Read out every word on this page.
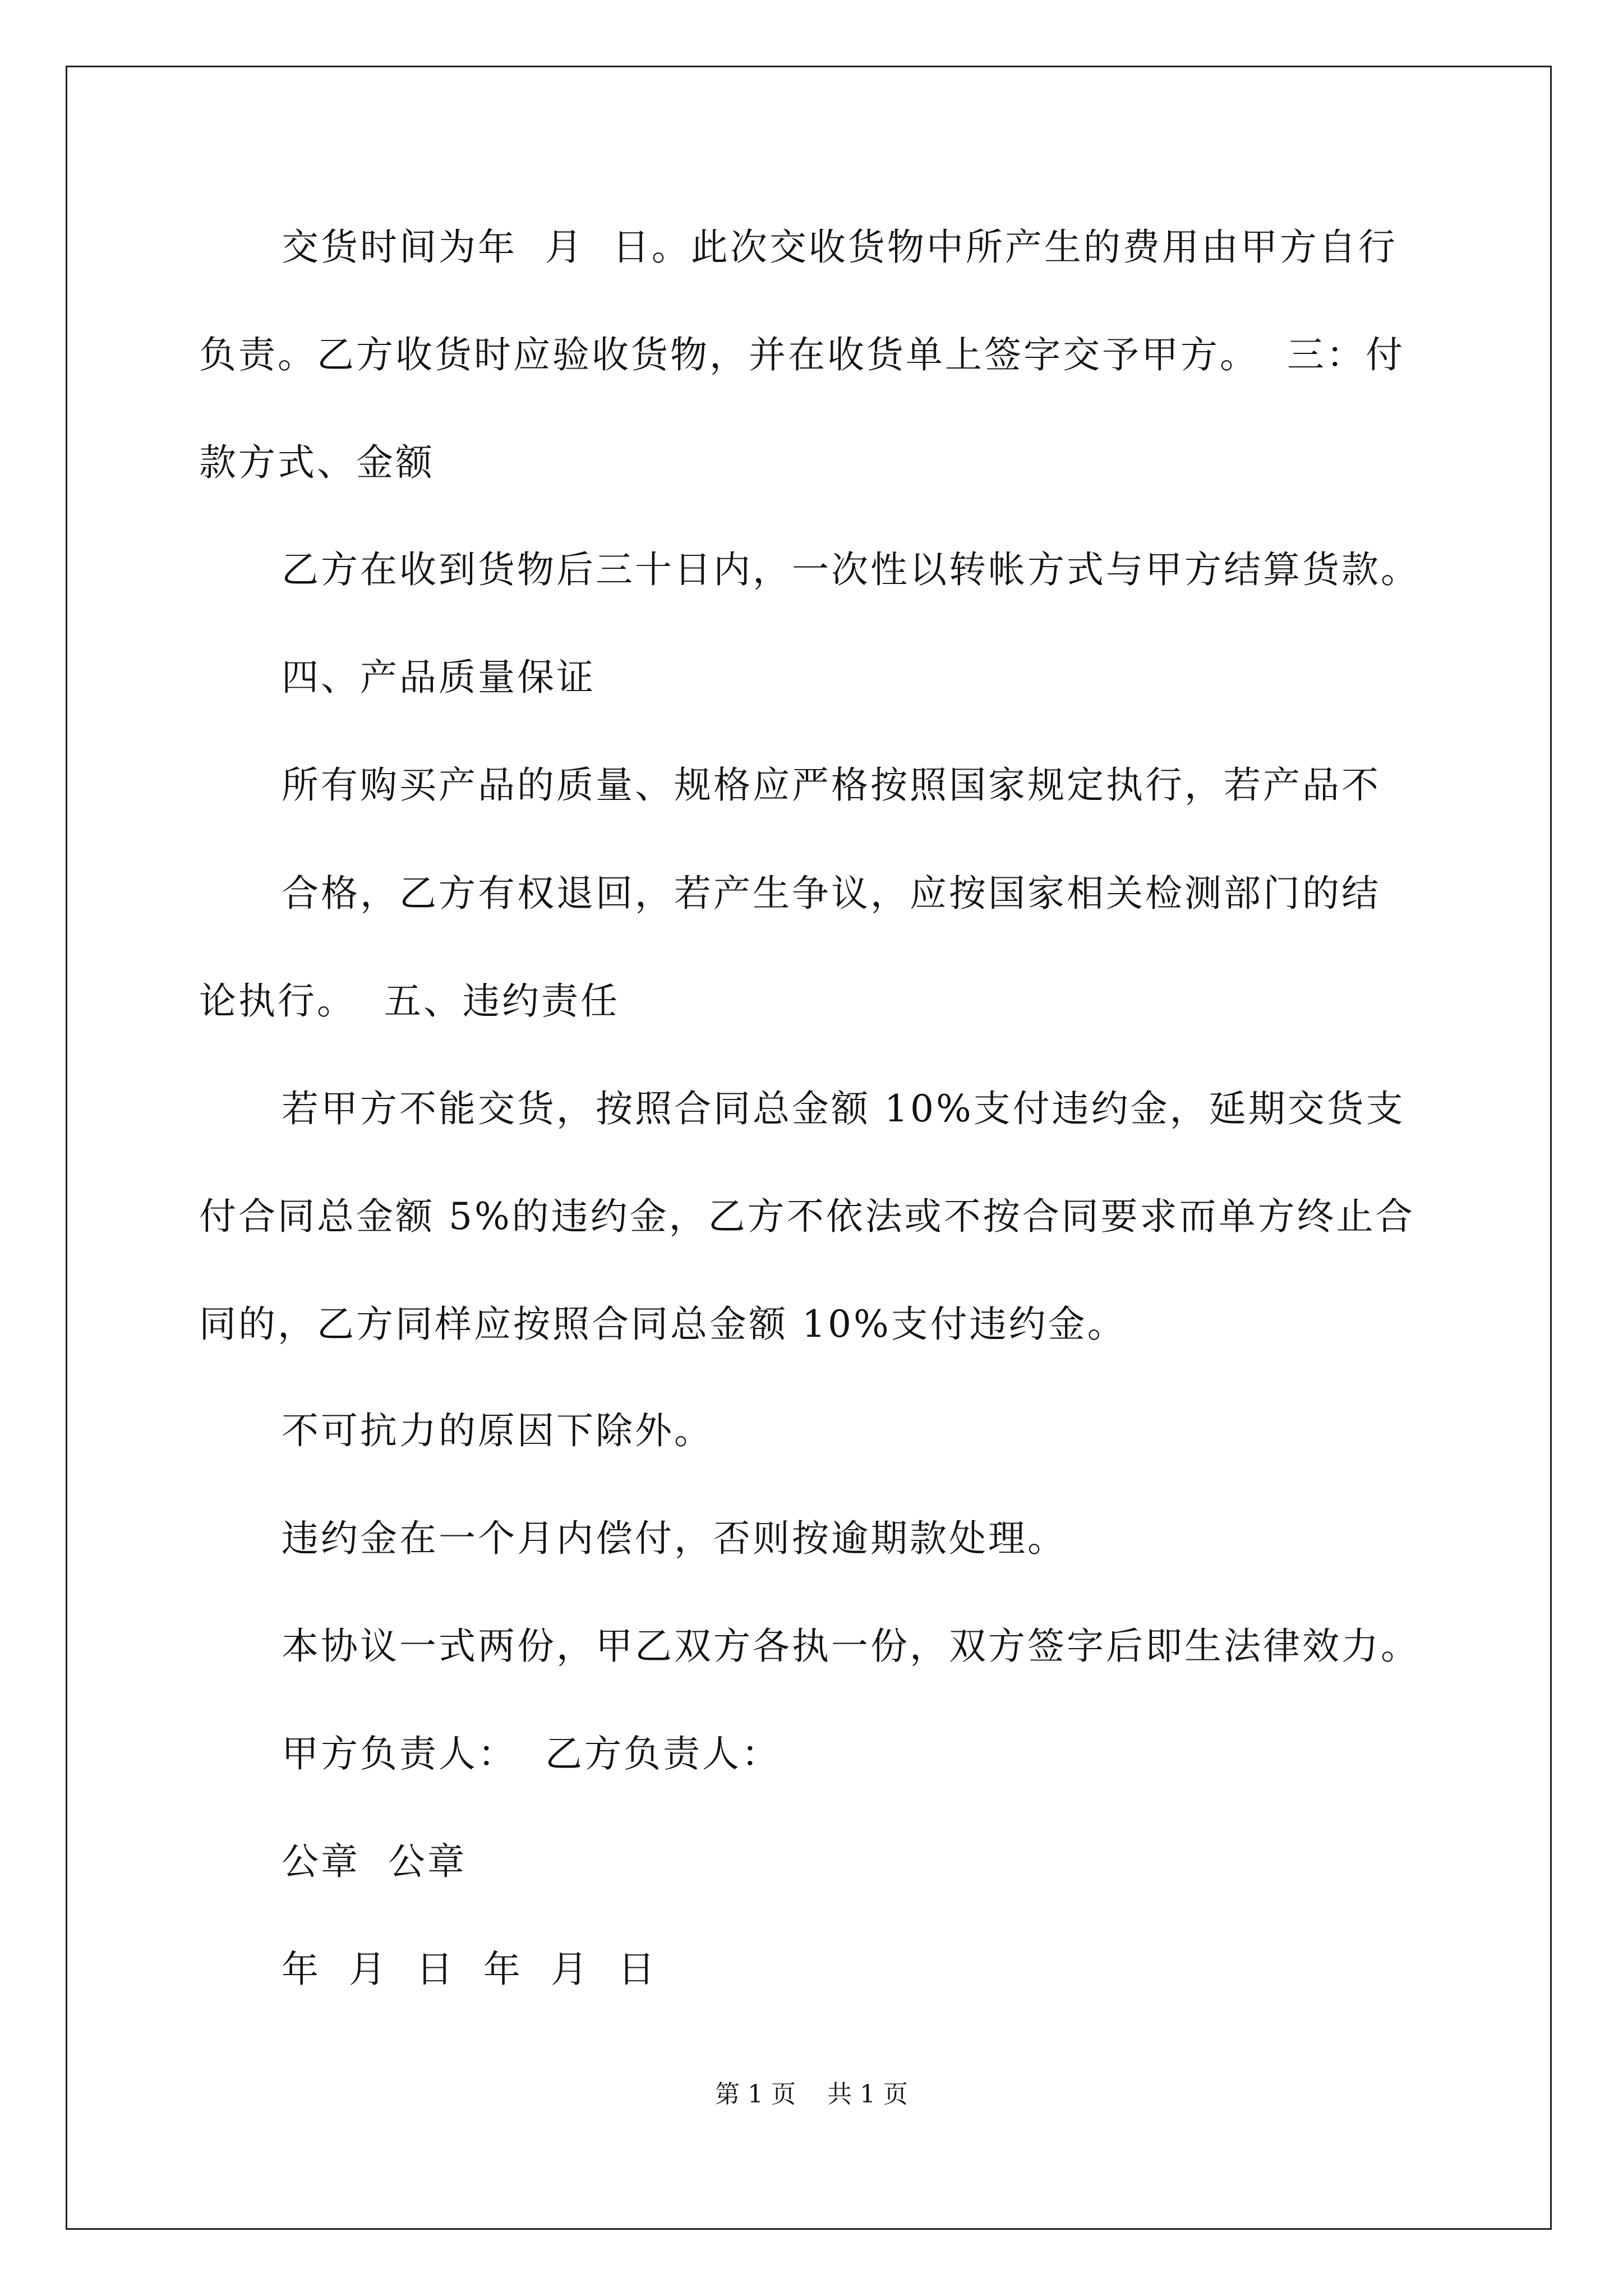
交货时间为年  月  日。此次交收货物中所产生的费用由甲方自行
负责。乙方收货时应验收货物，并在收货单上签字交予甲方。  三：付
款方式、金额
乙方在收到货物后三十日内，一次性以转帐方式与甲方结算货款。
四、产品质量保证
所有购买产品的质量、规格应严格按照国家规定执行，若产品不
合格，乙方有权退回，若产生争议，应按国家相关检测部门的结
论执行。  五、违约责任
若甲方不能交货，按照合同总金额 10%支付违约金，延期交货支
付合同总金额 5%的违约金，乙方不依法或不按合同要求而单方终止合
同的，乙方同样应按照合同总金额 10%支付违约金。
不可抗力的原因下除外。
违约金在一个月内偿付，否则按逾期款处理。
本协议一式两份，甲乙双方各执一份，双方签字后即生法律效力。
甲方负责人：  乙方负责人：
公章  公章
年  月  日  年  月  日
第 1 页    共 1 页
